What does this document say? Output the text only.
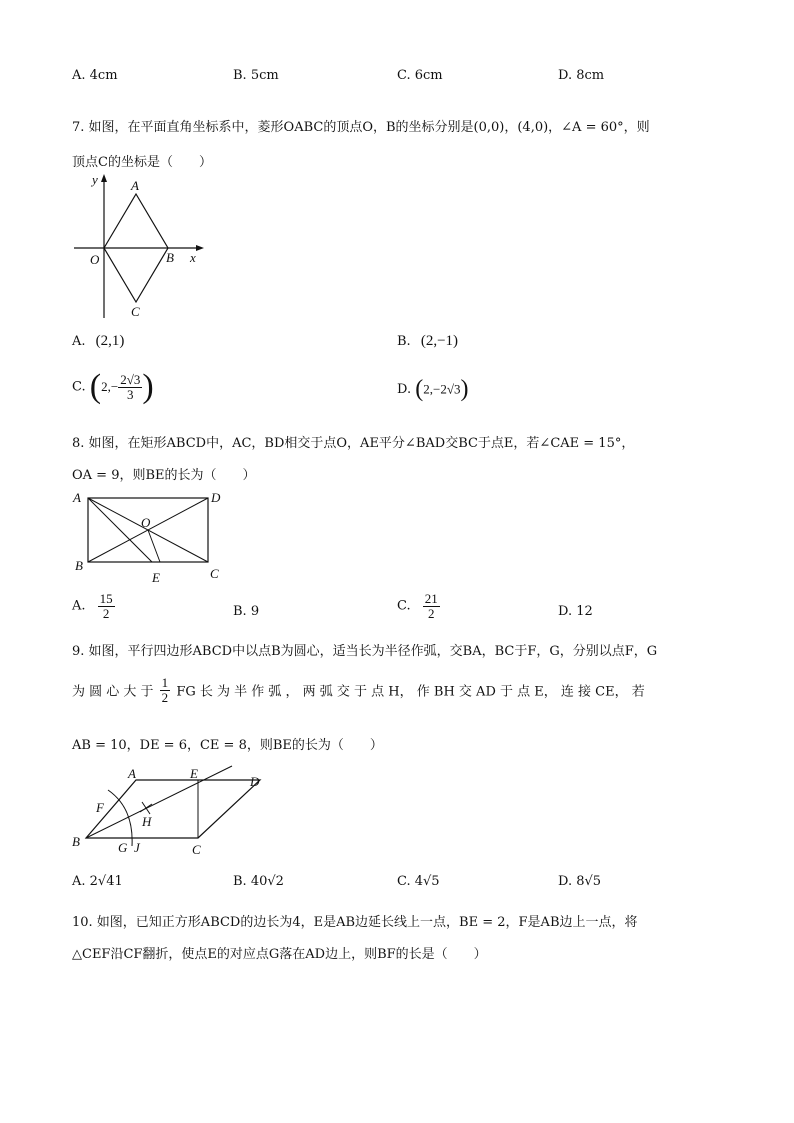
A. 4cm	B. 5cm	C. 6cm	D. 8cm
7. 如图，在平面直角坐标系中，菱形OABC的顶点O，B的坐标分别是(0,0)，(4,0)，∠A = 60°，则
顶点C的坐标是（　　）
y
x
O
A
B
C
A. (2,1)	B. (2,−1)
C. ($2,- \frac{2√3}{3}$ )	D. (2,−2√3)
8. 如图，在矩形ABCD中，AC，BD相交于点O，AE平分∠BAD交BC于点E，若∠CAE = 15°，
OA = 9，则BE的长为（　　）
A
B
C
D
O
E
A. $\frac{15}{2}$	B. 9	C. $\frac{21}{2}$	D. 12
9. 如图，平行四边形ABCD中以点B为圆心，适当长为半径作弧，交BA，BC于F，G，分别以点F，G
为 圆 心 大 于 $\frac{1}{2}$ FG 长 为 半 作 弧 ， 两 弧 交 于 点 H， 作 BH 交 AD 于 点 E， 连 接 CE， 若
AB = 10，DE = 6，CE = 8，则BE的长为（　　）
A
B
C
D
E
F
G
H
J
A. 2√41	B. 40√2	C. 4√5	D. 8√5
10. 如图，已知正方形ABCD的边长为4，E是AB边延长线上一点，BE = 2，F是AB边上一点，将
△CEF沿CF翻折，使点E的对应点G落在AD边上，则BF的长是（　　）
